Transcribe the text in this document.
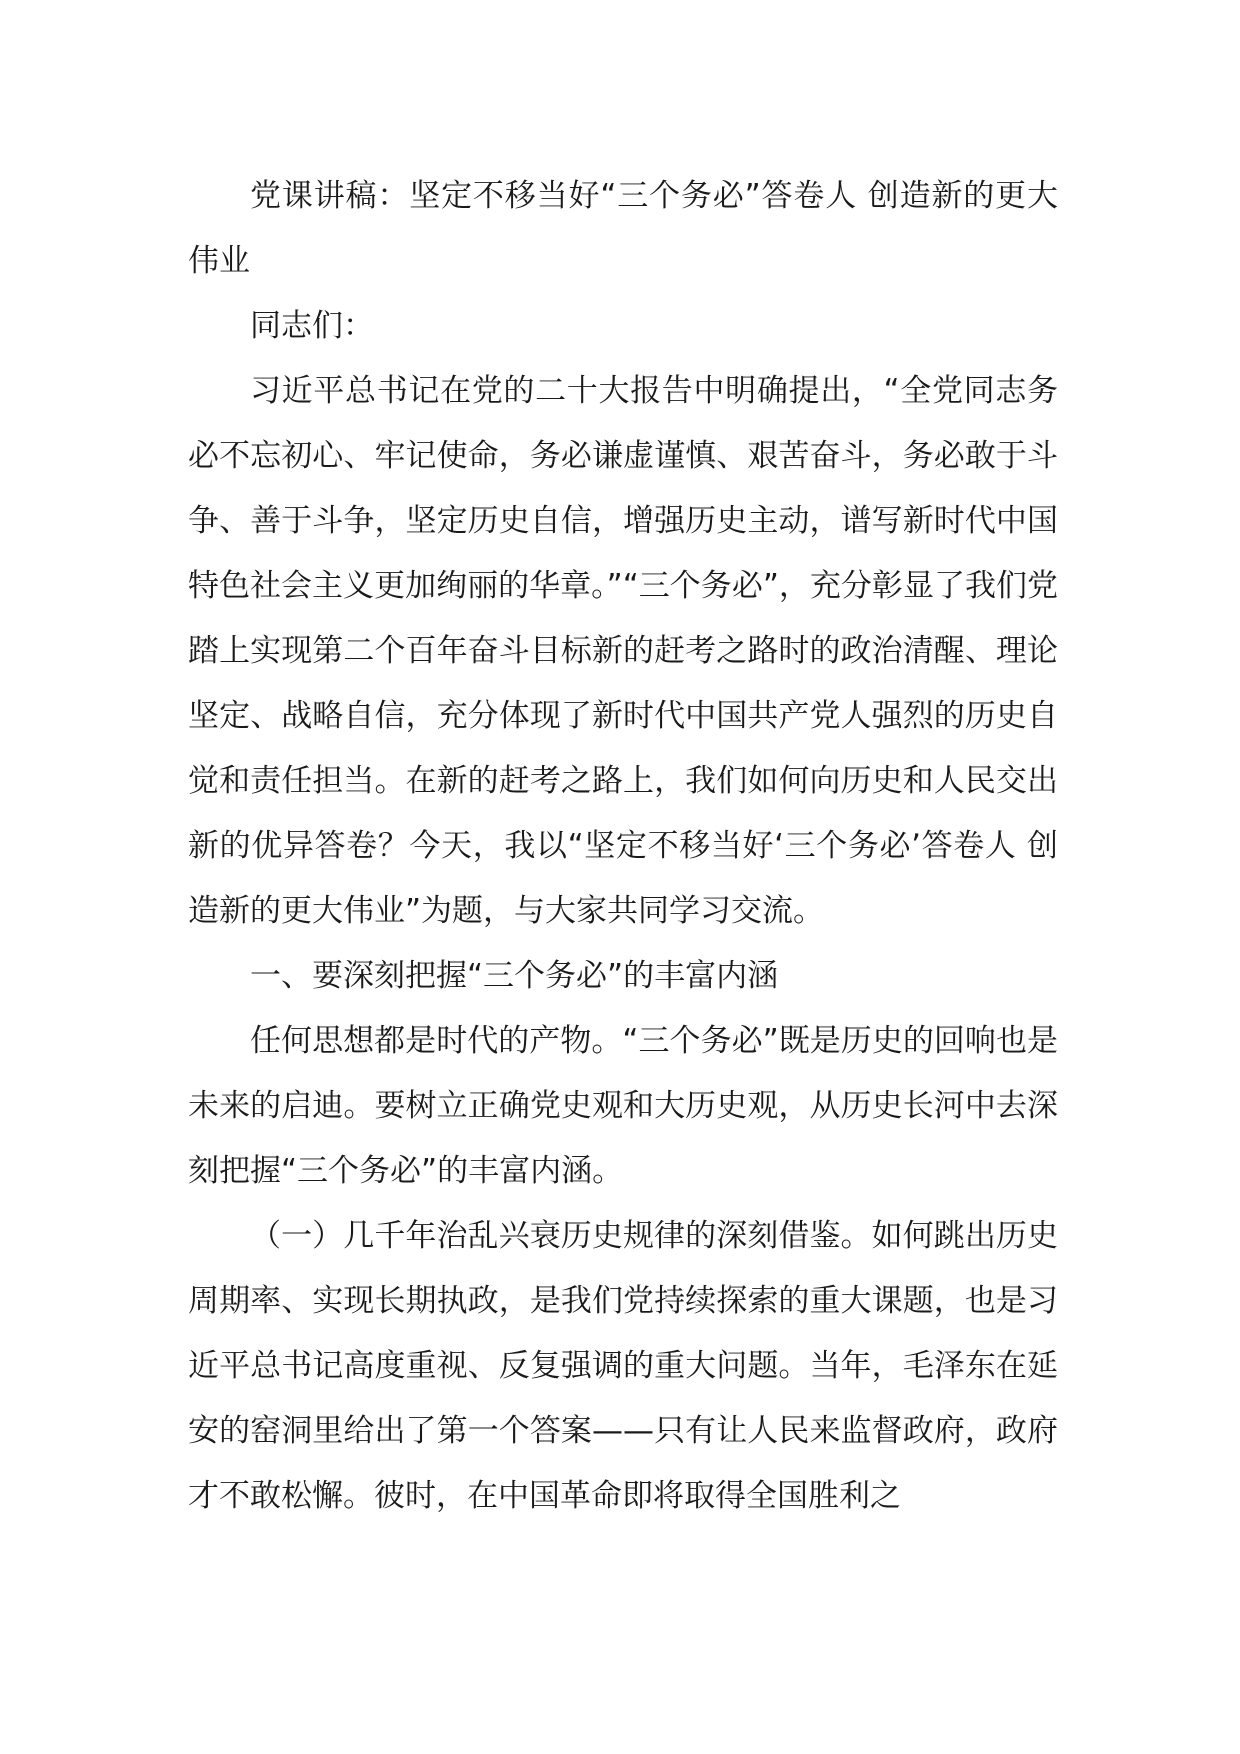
党课讲稿：坚定不移当好“三个务必”答卷人 创造新的更大伟业

同志们：

习近平总书记在党的二十大报告中明确提出，“全党同志务必不忘初心、牢记使命，务必谦虚谨慎、艰苦奋斗，务必敢于斗争、善于斗争，坚定历史自信，增强历史主动，谱写新时代中国特色社会主义更加绚丽的华章。”“三个务必”，充分彰显了我们党踏上实现第二个百年奋斗目标新的赶考之路时的政治清醒、理论坚定、战略自信，充分体现了新时代中国共产党人强烈的历史自觉和责任担当。在新的赶考之路上，我们如何向历史和人民交出新的优异答卷？今天，我以“坚定不移当好‘三个务必’答卷人 创造新的更大伟业”为题，与大家共同学习交流。

一、要深刻把握“三个务必”的丰富内涵

任何思想都是时代的产物。“三个务必”既是历史的回响也是未来的启迪。要树立正确党史观和大历史观，从历史长河中去深刻把握“三个务必”的丰富内涵。

（一）几千年治乱兴衰历史规律的深刻借鉴。如何跳出历史周期率、实现长期执政，是我们党持续探索的重大课题，也是习近平总书记高度重视、反复强调的重大问题。当年，毛泽东在延安的窑洞里给出了第一个答案——只有让人民来监督政府，政府才不敢松懈。彼时，在中国革命即将取得全国胜利之
